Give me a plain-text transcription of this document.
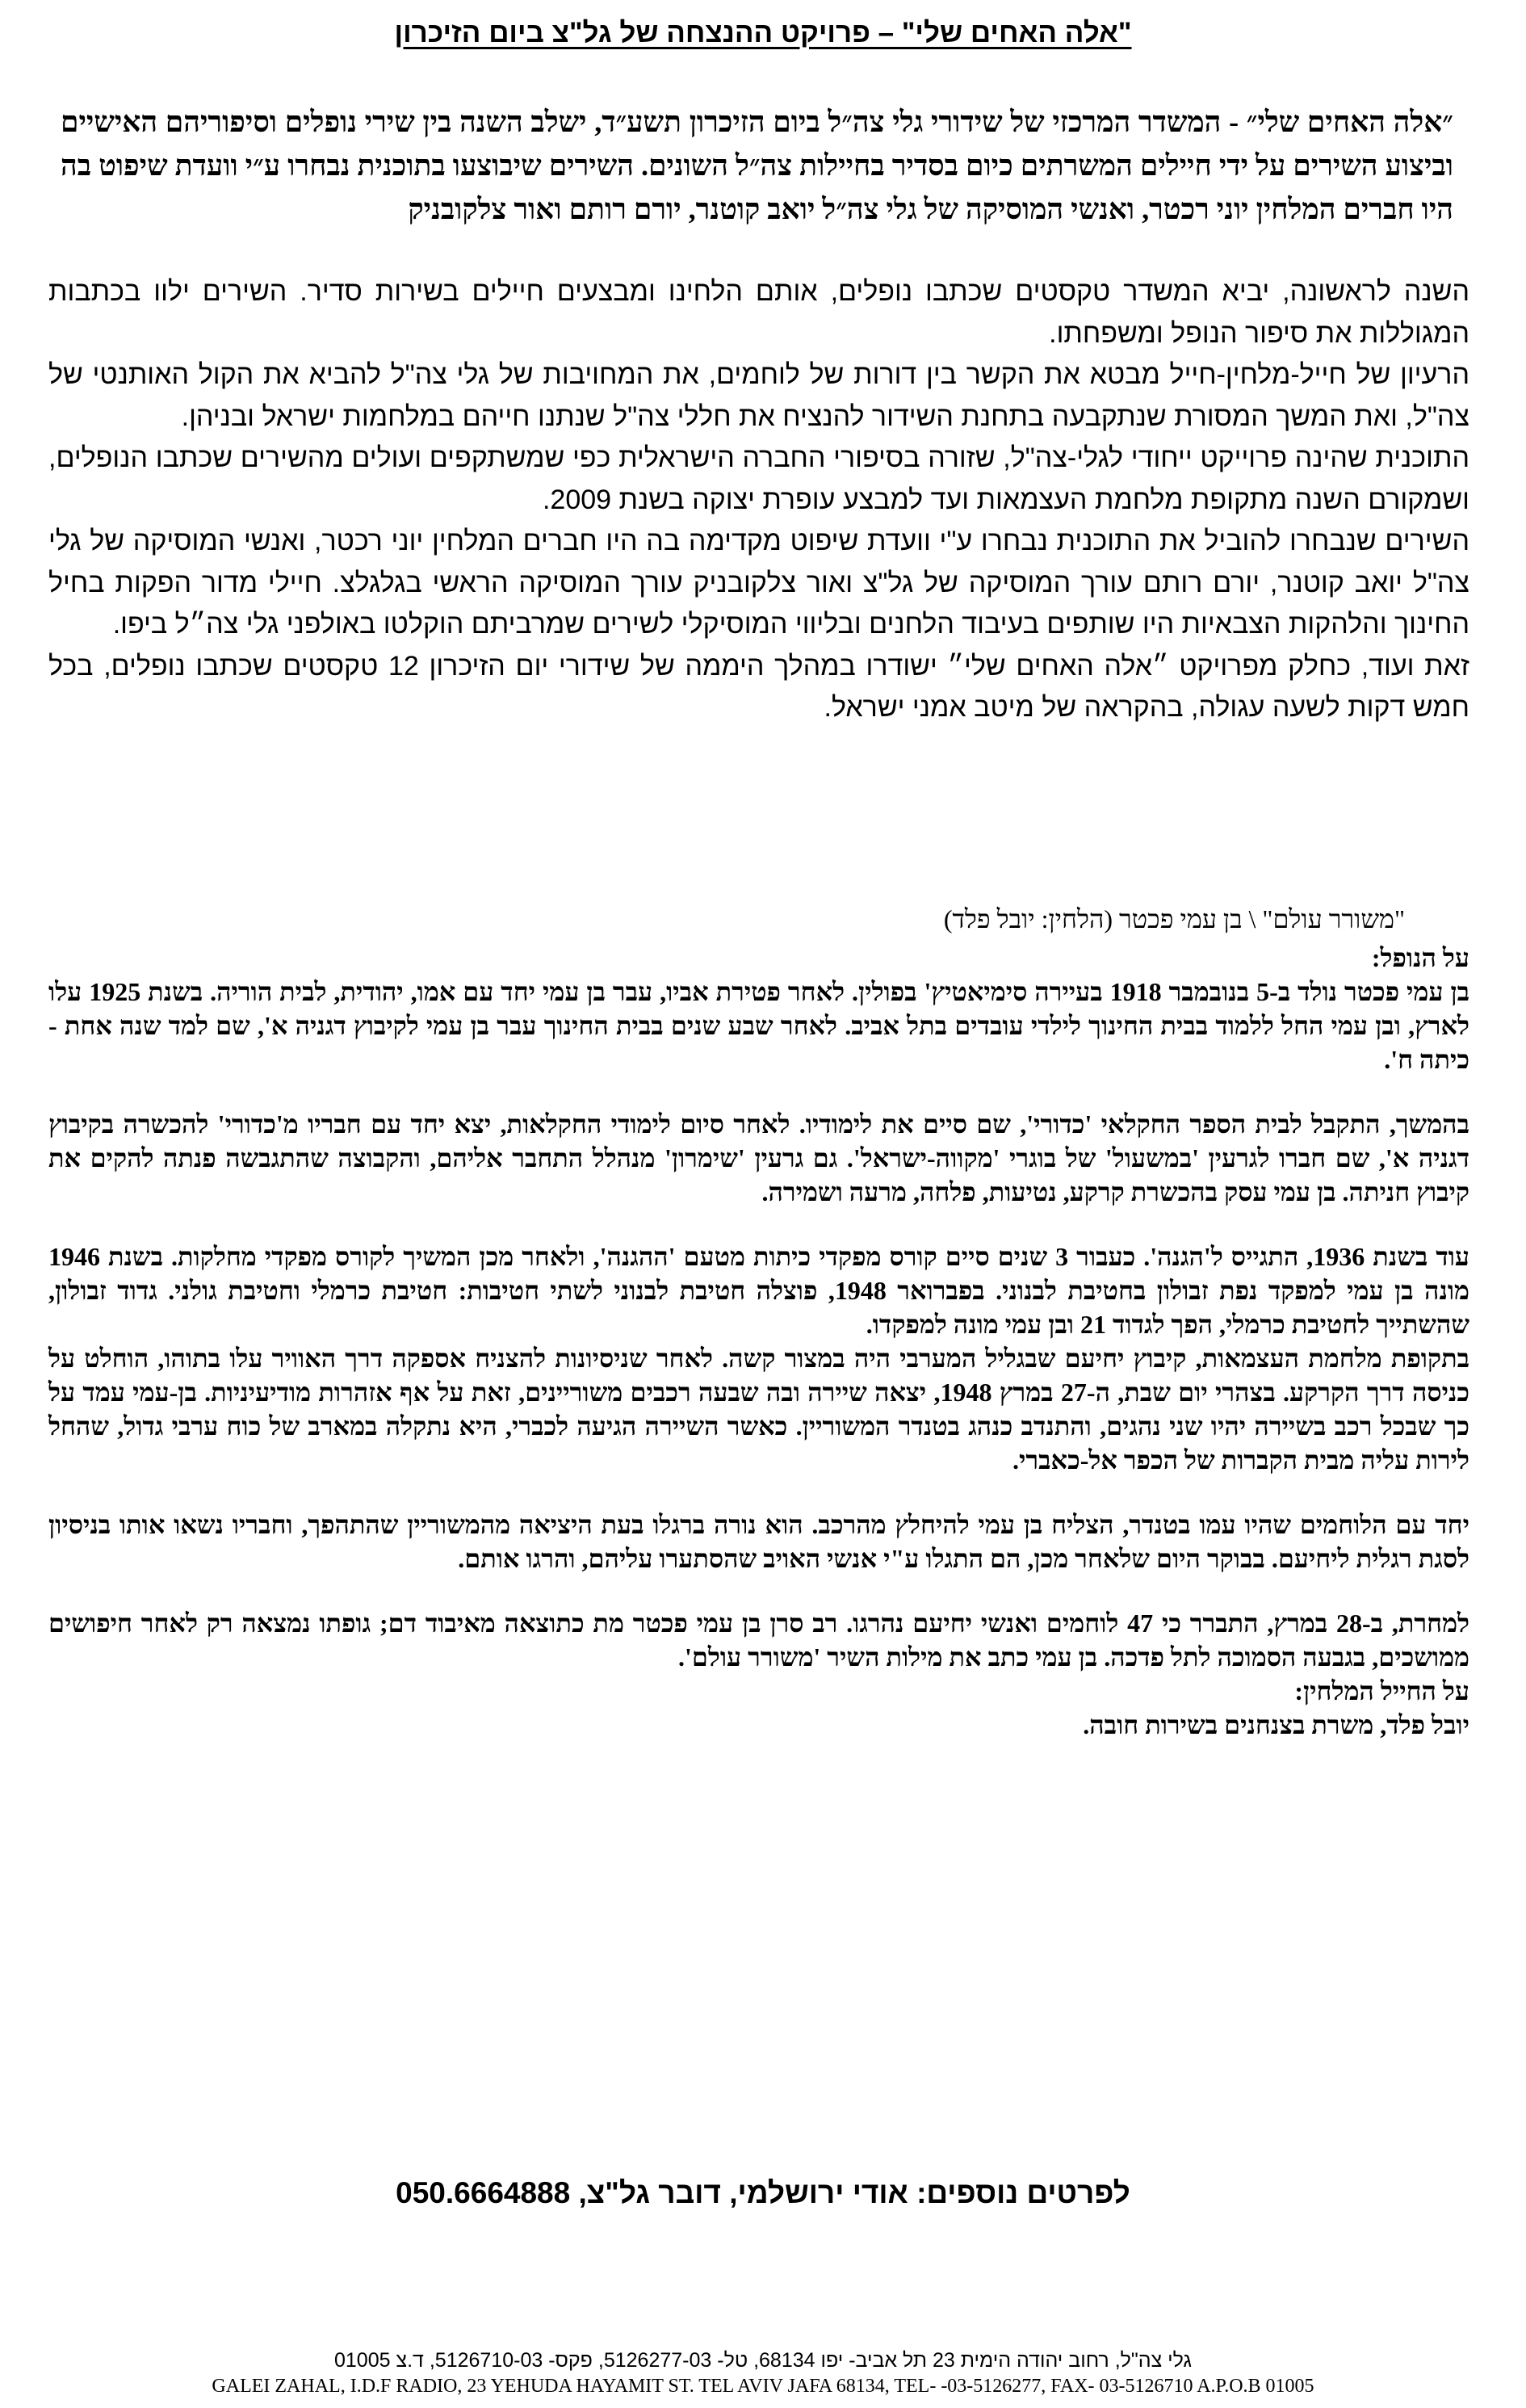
"אלה האחים שלי" – פרויקט ההנצחה של גל"צ ביום הזיכרון
״אלה האחים שלי״ - המשדר המרכזי של שידורי גלי צה״ל ביום הזיכרון תשע״ד, ישלב השנה בין שירי נופלים וסיפוריהם האישיים וביצוע השירים על ידי חיילים המשרתים כיום בסדיר בחיילות צה״ל השונים. השירים שיבוצעו בתוכנית נבחרו ע״י וועדת שיפוט בה היו חברים המלחין יוני רכטר, ואנשי המוסיקה של גלי צה״ל יואב קוטנר, יורם רותם ואור צלקובניק

השנה לראשונה, יביא המשדר טקסטים שכתבו נופלים, אותם הלחינו ומבצעים חיילים בשירות סדיר. השירים ילוו בכתבות המגוללות את סיפור הנופל ומשפחתו.

הרעיון של חייל-מלחין-חייל מבטא את הקשר בין דורות של לוחמים, את המחויבות של גלי צה"ל להביא את הקול האותנטי של צה"ל, ואת המשך המסורת שנתקבעה בתחנת השידור להנציח את חללי צה"ל שנתנו חייהם במלחמות ישראל ובניהן.

התוכנית שהינה פרוייקט ייחודי לגלי-צה"ל, שזורה בסיפורי החברה הישראלית כפי שמשתקפים ועולים מהשירים שכתבו הנופלים, ושמקורם השנה מתקופת מלחמת העצמאות ועד למבצע עופרת יצוקה בשנת 2009.

השירים שנבחרו להוביל את התוכנית נבחרו ע"י וועדת שיפוט מקדימה בה היו חברים המלחין יוני רכטר, ואנשי המוסיקה של גלי צה"ל יואב קוטנר, יורם רותם עורך המוסיקה של גל"צ ואור צלקובניק עורך המוסיקה הראשי בגלגלצ. חיילי מדור הפקות בחיל החינוך והלהקות הצבאיות היו שותפים בעיבוד הלחנים ובליווי המוסיקלי לשירים שמרביתם הוקלטו באולפני גלי צה״ל ביפו.

זאת ועוד, כחלק מפרויקט ״אלה האחים שלי״ ישודרו במהלך היממה של שידורי יום הזיכרון 12 טקסטים שכתבו נופלים, בכל חמש דקות לשעה עגולה, בהקראה של מיטב אמני ישראל.

"משורר עולם" \ בן עמי פכטר (הלחין: יובל פלד)

על הנופל:

בן עמי פכטר נולד ב-5 בנובמבר 1918 בעיירה סימיאטיץ' בפולין. לאחר פטירת אביו, עבר בן עמי יחד עם אמו, יהודית, לבית הוריה. בשנת 1925 עלו לארץ, ובן עמי החל ללמוד בבית החינוך לילדי עובדים בתל אביב. לאחר שבע שנים בבית החינוך עבר בן עמי לקיבוץ דגניה א', שם למד שנה אחת - כיתה ח'.

בהמשך, התקבל לבית הספר החקלאי 'כדורי', שם סיים את לימודיו. לאחר סיום לימודי החקלאות, יצא יחד עם חבריו מ'כדורי' להכשרה בקיבוץ דגניה א', שם חברו לגרעין 'במשעול' של בוגרי 'מקווה-ישראל'. גם גרעין 'שימרון' מנהלל התחבר אליהם, והקבוצה שהתגבשה פנתה להקים את קיבוץ חניתה. בן עמי עסק בהכשרת קרקע, נטיעות, פלחה, מרעה ושמירה.

עוד בשנת 1936, התגייס ל'הגנה'. כעבור 3 שנים סיים קורס מפקדי כיתות מטעם 'ההגנה', ולאחר מכן המשיך לקורס מפקדי מחלקות. בשנת 1946 מונה בן עמי למפקד נפת זבולון בחטיבת לבנוני. בפברואר 1948, פוצלה חטיבת לבנוני לשתי חטיבות: חטיבת כרמלי וחטיבת גולני. גדוד זבולון, שהשתייך לחטיבת כרמלי, הפך לגדוד 21 ובן עמי מונה למפקדו.

בתקופת מלחמת העצמאות, קיבוץ יחיעם שבגליל המערבי היה במצור קשה. לאחר שניסיונות להצניח אספקה דרך האוויר עלו בתוהו, הוחלט על כניסה דרך הקרקע. בצהרי יום שבת, ה-27 במרץ 1948, יצאה שיירה ובה שבעה רכבים משוריינים, זאת על אף אזהרות מודיעיניות. בן-עמי עמד על כך שבכל רכב בשיירה יהיו שני נהגים, והתנדב כנהג בטנדר המשוריין. כאשר השיירה הגיעה לכברי, היא נתקלה במארב של כוח ערבי גדול, שהחל לירות עליה מבית הקברות של הכפר אל-כאברי.

יחד עם הלוחמים שהיו עמו בטנדר, הצליח בן עמי להיחלץ מהרכב. הוא נורה ברגלו בעת היציאה מהמשוריין שהתהפך, וחבריו נשאו אותו בניסיון לסגת רגלית ליחיעם. בבוקר היום שלאחר מכן, הם התגלו ע"י אנשי האויב שהסתערו עליהם, והרגו אותם.

למחרת, ב-28 במרץ, התברר כי 47 לוחמים ואנשי יחיעם נהרגו. רב סרן בן עמי פכטר מת כתוצאה מאיבוד דם; גופתו נמצאה רק לאחר חיפושים ממושכים, בגבעה הסמוכה לתל פדכה. בן עמי כתב את מילות השיר 'משורר עולם'.

על החייל המלחין:

יובל פלד, משרת בצנחנים בשירות חובה.

לפרטים נוספים: אודי ירושלמי, דובר גל"צ, 050.6664888
גלי צה"ל, רחוב יהודה הימית 23 תל אביב- יפו 68134, טל- 5126277-03, פקס- 5126710-03, ד.צ 01005
GALEI ZAHAL, I.D.F RADIO, 23 YEHUDA HAYAMIT ST. TEL AVIV JAFA 68134, TEL- -03-5126277, FAX- 03-5126710 A.P.O.B 01005
